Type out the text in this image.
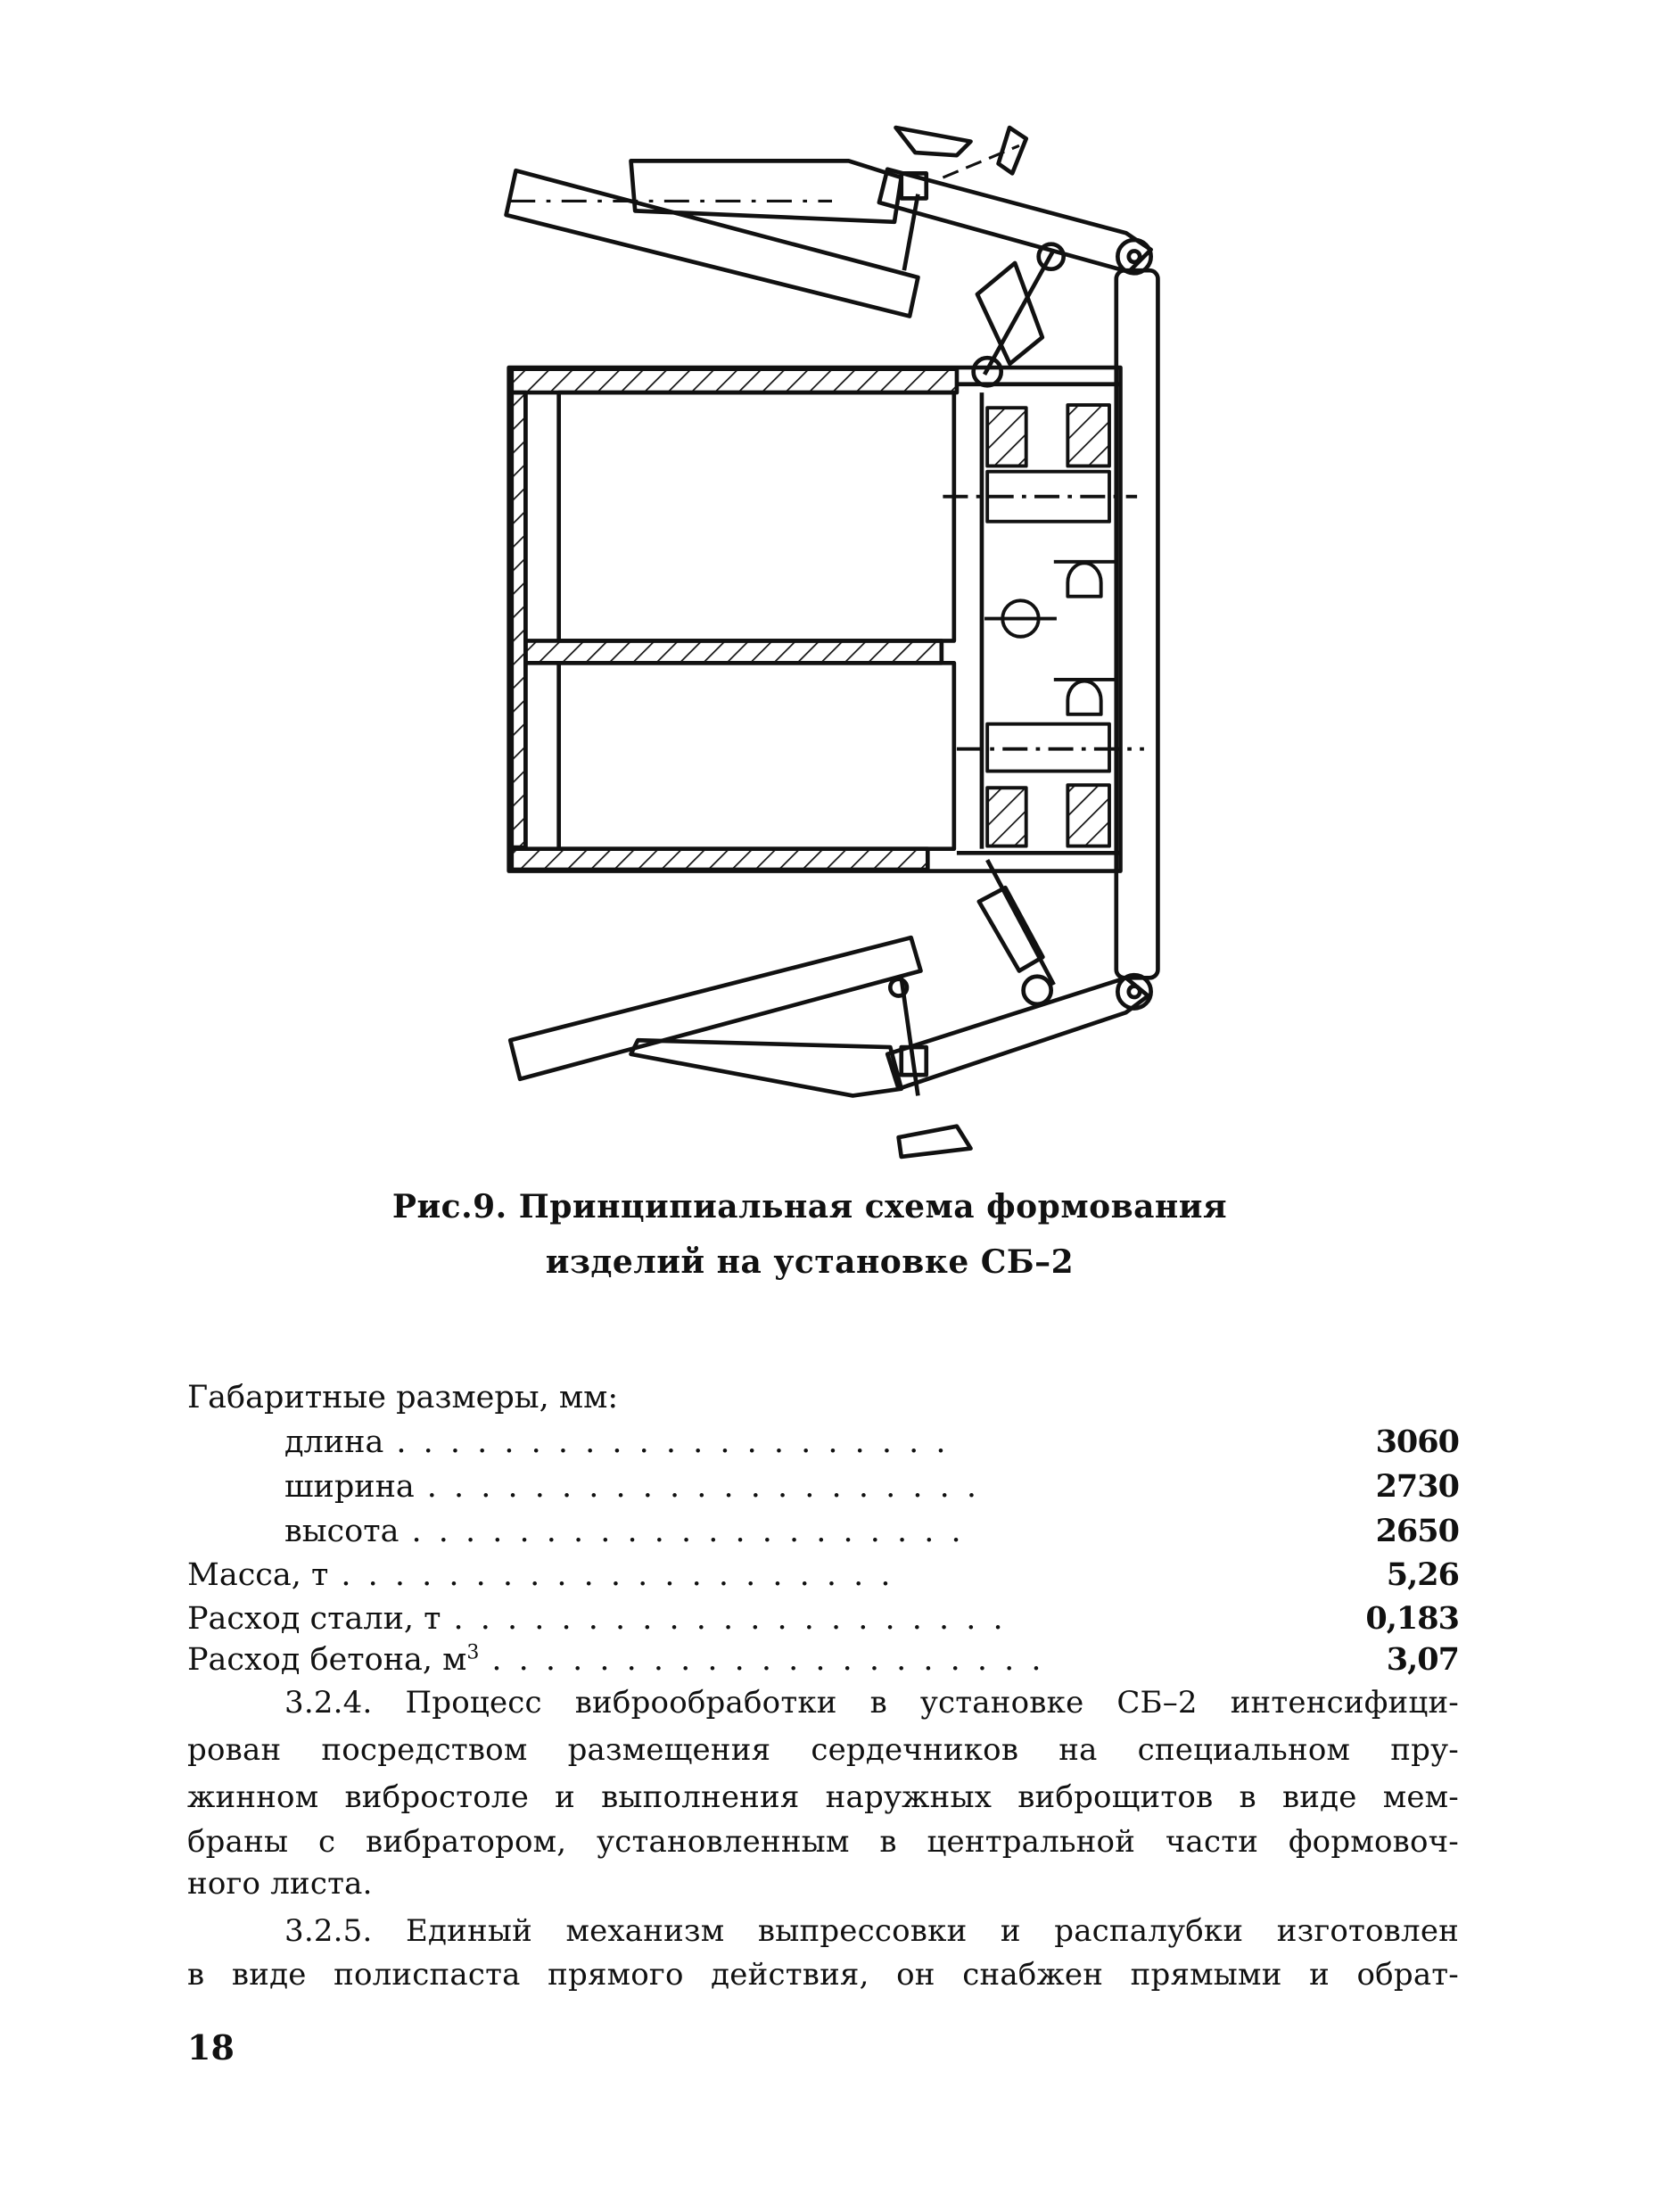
Рис.9. Принципиальная схема формования
изделий на установке СБ–2
Габаритные размеры, мм:
длина . . . . . . . . . . . . . . . . . . . . .	3060
ширина . . . . . . . . . . . . . . . . . . . . .	2730
высота . . . . . . . . . . . . . . . . . . . . .	2650
Масса, т . . . . . . . . . . . . . . . . . . . . .	5,26
Расход стали, т . . . . . . . . . . . . . . . . . . . . .	0,183
Расход бетона, $м^3$ . . . . . . . . . . . . . . . . . . . . .	3,07
3.2.4. Процесс виброобработки в установке СБ–2 интенсифици-
рован посредством размещения сердечников на специальном пру-
жинном вибростоле и выполнения наружных виброщитов в виде мем-
браны с вибратором, установленным в центральной части формовоч-
ного листа.
3.2.5. Единый механизм выпрессовки и распалубки изготовлен
в виде полиспаста прямого действия, он снабжен прямыми и обрат-
18
